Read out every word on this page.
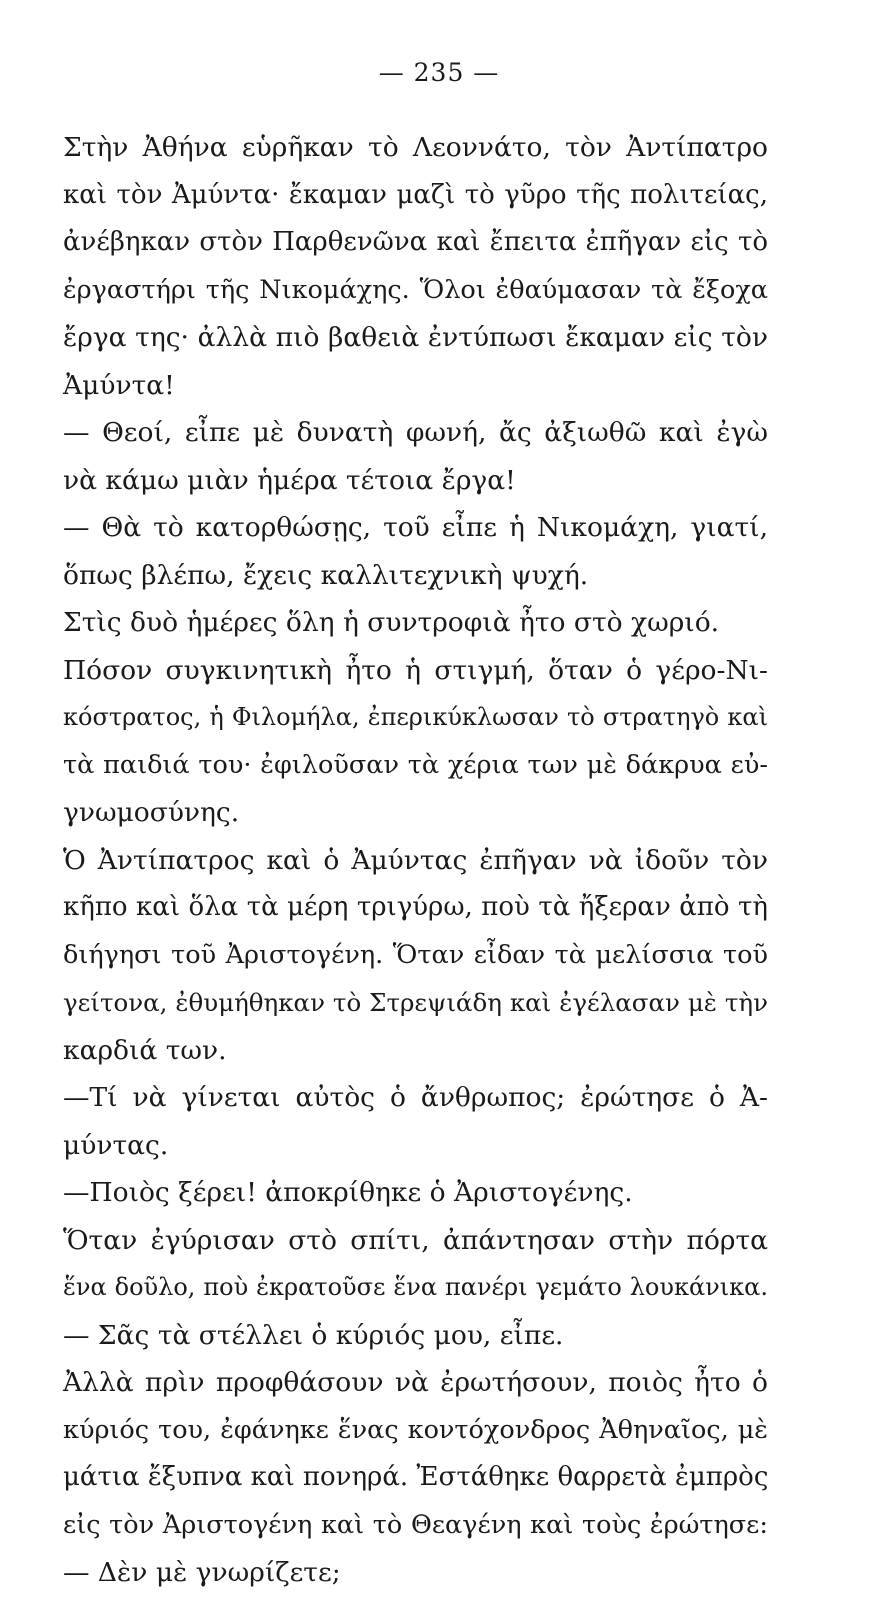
— 235 —
Στὴν Ἀθήνα εὑρῆκαν τὸ Λεοννάτο, τὸν Ἀντίπατρο
καὶ τὸν Ἀμύντα· ἔκαμαν μαζὶ τὸ γῦρο τῆς πολιτείας,
ἀνέβηκαν στὸν Παρθενῶνα καὶ ἔπειτα ἐπῆγαν εἰς τὸ
ἐργαστήρι τῆς Νικομάχης. Ὅλοι ἐθαύμασαν τὰ ἔξοχα
ἔργα της· ἀλλὰ πιὸ βαθειὰ ἐντύπωσι ἔκαμαν εἰς τὸν
Ἀμύντα!
— Θεοί, εἶπε μὲ δυνατὴ φωνή, ἄς ἀξιωθῶ καὶ ἐγὼ
νὰ κάμω μιὰν ἡμέρα τέτοια ἔργα!
— Θὰ τὸ κατορθώσῃς, τοῦ εἶπε ἡ Νικομάχη, γιατί,
ὅπως βλέπω, ἔχεις καλλιτεχνικὴ ψυχή.
Στὶς δυὸ ἡμέρες ὅλη ἡ συντροφιὰ ἦτο στὸ χωριό.
Πόσον συγκινητικὴ ἦτο ἡ στιγμή, ὅταν ὁ γέρο-Νι-
κόστρατος, ἡ Φιλομήλα, ἐπερικύκλωσαν τὸ στρατηγὸ καὶ
τὰ παιδιά του· ἐφιλοῦσαν τὰ χέρια των μὲ δάκρυα εὐ-
γνωμοσύνης.
Ὁ Ἀντίπατρος καὶ ὁ Ἀμύντας ἐπῆγαν νὰ ἰδοῦν τὸν
κῆπο καὶ ὅλα τὰ μέρη τριγύρω, ποὺ τὰ ἤξεραν ἀπὸ τὴ
διήγησι τοῦ Ἀριστογένη. Ὅταν εἶδαν τὰ μελίσσια τοῦ
γείτονα, ἐθυμήθηκαν τὸ Στρεψιάδη καὶ ἐγέλασαν μὲ τὴν
καρδιά των.
—Τί νὰ γίνεται αὐτὸς ὁ ἄνθρωπος; ἐρώτησε ὁ Ἀ-
μύντας.
—Ποιὸς ξέρει! ἀποκρίθηκε ὁ Ἀριστογένης.
Ὅταν ἐγύρισαν στὸ σπίτι, ἀπάντησαν στὴν πόρτα
ἕνα δοῦλο, ποὺ ἐκρατοῦσε ἕνα πανέρι γεμάτο λουκάνικα.
— Σᾶς τὰ στέλλει ὁ κύριός μου, εἶπε.
Ἀλλὰ πρὶν προφθάσουν νὰ ἐρωτήσουν, ποιὸς ἦτο ὁ
κύριός του, ἐφάνηκε ἕνας κοντόχονδρος Ἀθηναῖος, μὲ
μάτια ἔξυπνα καὶ πονηρά. Ἐστάθηκε θαρρετὰ ἐμπρὸς
εἰς τὸν Ἀριστογένη καὶ τὸ Θεαγένη καὶ τοὺς ἐρώτησε:
— Δὲν μὲ γνωρίζετε;
